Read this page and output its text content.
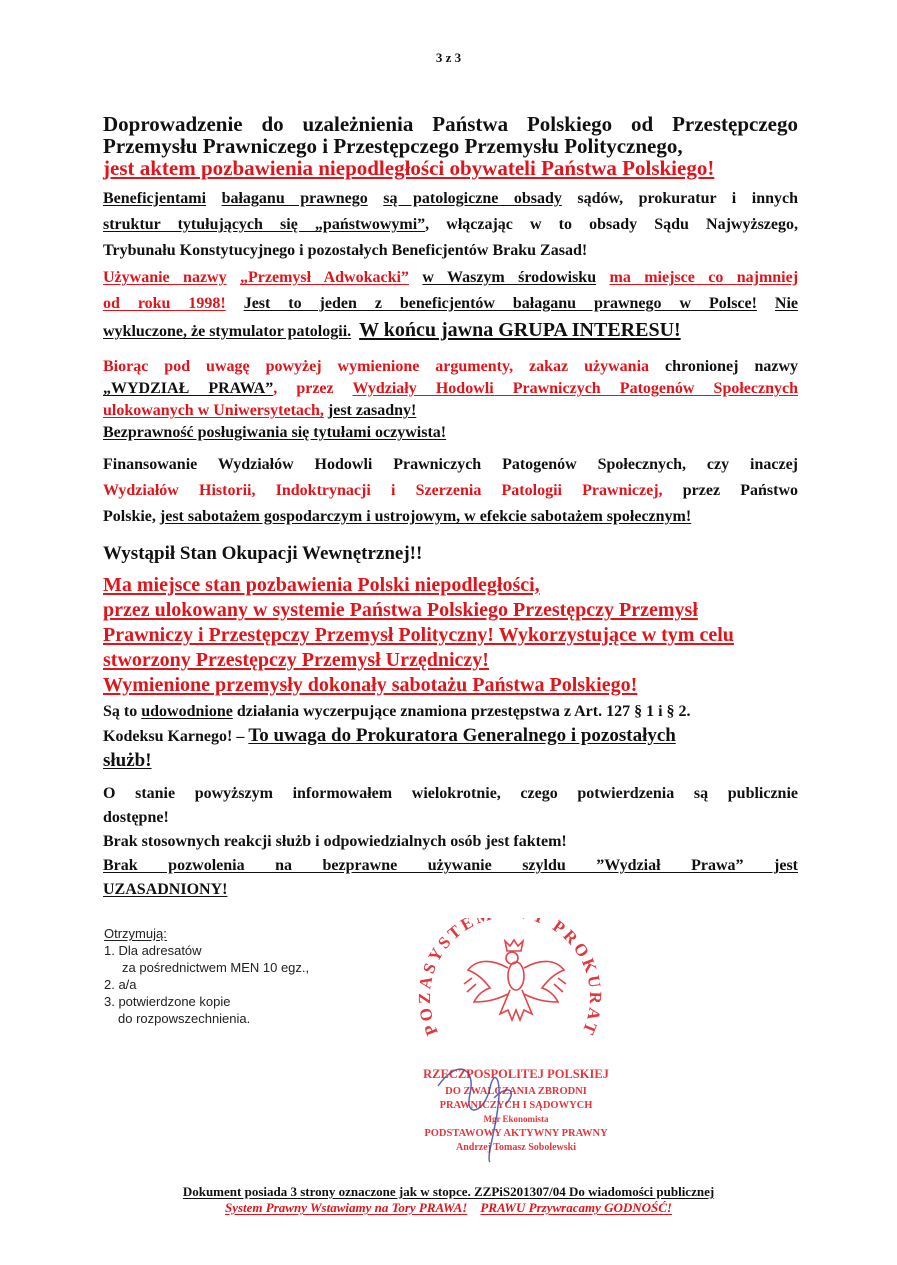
3 z 3
Doprowadzenie do uzależnienia Państwa Polskiego od Przestępczego
Przemysłu Prawniczego i Przestępczego Przemysłu Politycznego,
jest aktem pozbawienia niepodległości obywateli Państwa Polskiego!
Beneficjentami bałaganu prawnego są patologiczne obsady sądów, prokuratur i innych
struktur tytułujących się „państwowymi”, włączając w to obsady Sądu Najwyższego,
Trybunału Konstytucyjnego i pozostałych Beneficjentów Braku Zasad!
Używanie nazwy „Przemysł Adwokacki” w Waszym środowisku ma miejsce co najmniej
od roku 1998! Jest to jeden z beneficjentów bałaganu prawnego w Polsce! Nie
wykluczone, że stymulator patologii. W końcu jawna GRUPA INTERESU!
Biorąc pod uwagę powyżej wymienione argumenty, zakaz używania chronionej nazwy
„WYDZIAŁ PRAWA”, przez Wydziały Hodowli Prawniczych Patogenów Społecznych
ulokowanych w Uniwersytetach, jest zasadny!
Bezprawność posługiwania się tytułami oczywista!
Finansowanie Wydziałów Hodowli Prawniczych Patogenów Społecznych, czy inaczej
Wydziałów Historii, Indoktrynacji i Szerzenia Patologii Prawniczej, przez Państwo
Polskie, jest sabotażem gospodarczym i ustrojowym, w efekcie sabotażem społecznym!
Wystąpił Stan Okupacji Wewnętrznej!!
Ma miejsce stan pozbawienia Polski niepodległości,
przez ulokowany w systemie Państwa Polskiego Przestępczy Przemysł
Prawniczy i Przestępczy Przemysł Polityczny! Wykorzystujące w tym celu
stworzony Przestępczy Przemysł Urzędniczy!
Wymienione przemysły dokonały sabotażu Państwa Polskiego!
Są to udowodnione działania wyczerpujące znamiona przestępstwa z Art. 127 § 1 i § 2.
Kodeksu Karnego! – To uwaga do Prokuratora Generalnego i pozostałych
służb!
O stanie powyższym informowałem wielokrotnie, czego potwierdzenia są publicznie
dostępne!
Brak stosownych reakcji służb i odpowiedzialnych osób jest faktem!
Brak pozwolenia na bezprawne używanie szyldu ”Wydział Prawa” jest
UZASADNIONY!
Otrzymują:
1. Dla adresatów
za pośrednictwem MEN 10 egz.,
2. a/a
3. potwierdzone kopie
do rozpowszechnienia.
POZASYSTE PROKURAT
RZECZPOSPOLITEJ POLSKIEJ
DO ZWALCZANIA ZBRODNI
PRAWNICZYCH I SĄDOWYCH
Mgr Ekonomista
PODSTAWOWY AKTYWNY PRAWNY
Andrzej Tomasz Sobolewski
Dokument posiada 3 strony oznaczone jak w stopce. ZZPiS201307/04 Do wiadomości publicznej
System Prawny Wstawiamy na Tory PRAWA! PRAWU Przywracamy GODNOŚĆ!
